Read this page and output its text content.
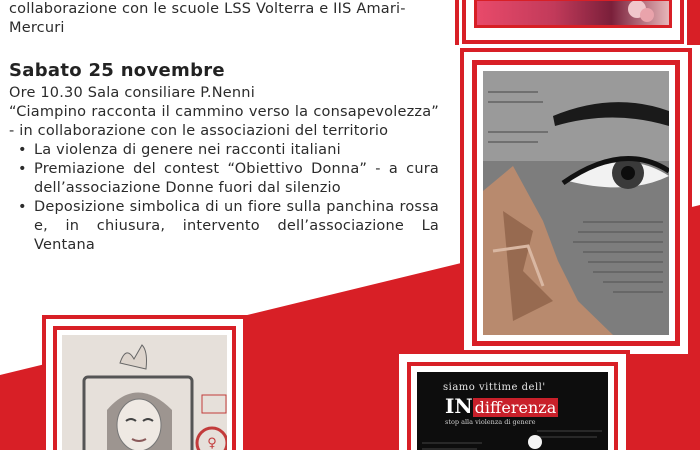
collaborazione con le scuole LSS Volterra e IIS Amari-Mercuri
Sabato 25 novembre
Ore 10.30 Sala consiliare P.Nenni
“Ciampino racconta il cammino verso la consapevolezza” - in collaborazione con le associazioni del territorio
• La violenza di genere nei racconti italiani
• Premiazione del contest “Obiettivo Donna” - a cura dell’associazione Donne fuori dal silenzio
• Deposizione simbolica di un fiore sulla panchina rossa e, in chiusura, intervento dell’associazione La Ventana
♀
siamo vittime dell'
IN differenza
stop alla violenza di genere
